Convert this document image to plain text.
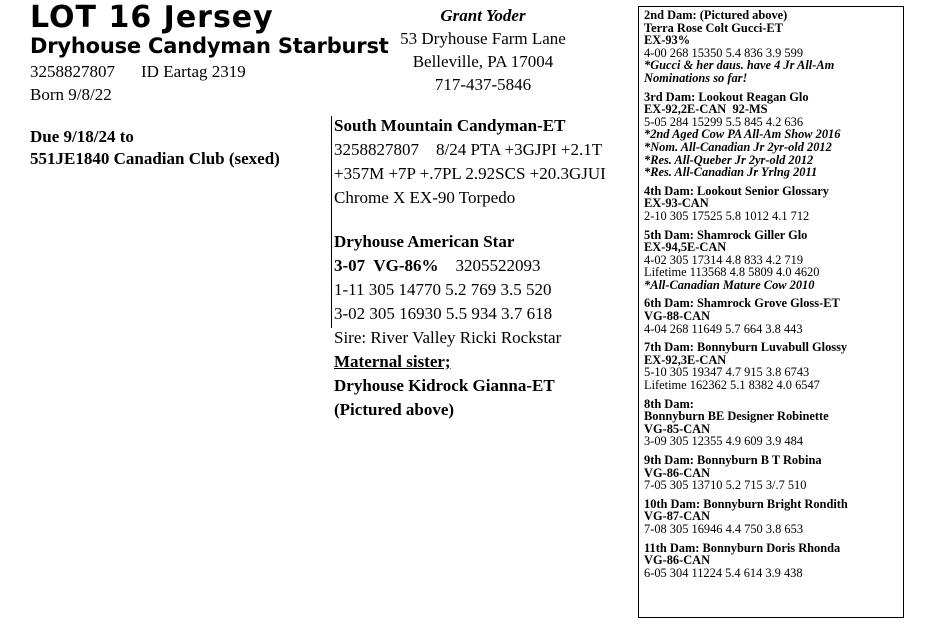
LOT 16 Jersey
Dryhouse Candyman Starburst
3258827807 ID Eartag 2319
Born 9/8/22
Due 9/18/24 to
551JE1840 Canadian Club (sexed)
Grant Yoder
53 Dryhouse Farm Lane
Belleville, PA 17004
717-437-5846
South Mountain Candyman-ET
3258827807    8/24 PTA +3GJPI +2.1T
+357M +7P +.7PL 2.92SCS +20.3GJUI
Chrome X EX-90 Torpedo
Dryhouse American Star
3-07  VG-86% 3205522093
1-11 305 14770 5.2 769 3.5 520
3-02 305 16930 5.5 934 3.7 618
Sire: River Valley Ricki Rockstar
Maternal sister;
Dryhouse Kidrock Gianna-ET
(Pictured above)
2nd Dam: (Pictured above)
Terra Rose Colt Gucci-ET
EX-93%
4-00 268 15350 5.4 836 3.9 599
*Gucci & her daus. have 4 Jr All-Am
Nominations so far!
3rd Dam: Lookout Reagan Glo
EX-92,2E-CAN  92-MS
5-05 284 15299 5.5 845 4.2 636
*2nd Aged Cow PA All-Am Show 2016
*Nom. All-Canadian Jr 2yr-old 2012
*Res. All-Queber Jr 2yr-old 2012
*Res. All-Canadian Jr Yrlng 2011
4th Dam: Lookout Senior Glossary
EX-93-CAN
2-10 305 17525 5.8 1012 4.1 712
5th Dam: Shamrock Giller Glo
EX-94,5E-CAN
4-02 305 17314 4.8 833 4.2 719
Lifetime 113568 4.8 5809 4.0 4620
*All-Canadian Mature Cow 2010
6th Dam: Shamrock Grove Gloss-ET
VG-88-CAN
4-04 268 11649 5.7 664 3.8 443
7th Dam: Bonnyburn Luvabull Glossy
EX-92,3E-CAN
5-10 305 19347 4.7 915 3.8 6743
Lifetime 162362 5.1 8382 4.0 6547
8th Dam:
Bonnyburn BE Designer Robinette
VG-85-CAN
3-09 305 12355 4.9 609 3.9 484
9th Dam: Bonnyburn B T Robina
VG-86-CAN
7-05 305 13710 5.2 715 3/.7 510
10th Dam: Bonnyburn Bright Rondith
VG-87-CAN
7-08 305 16946 4.4 750 3.8 653
11th Dam: Bonnyburn Doris Rhonda
VG-86-CAN
6-05 304 11224 5.4 614 3.9 438
